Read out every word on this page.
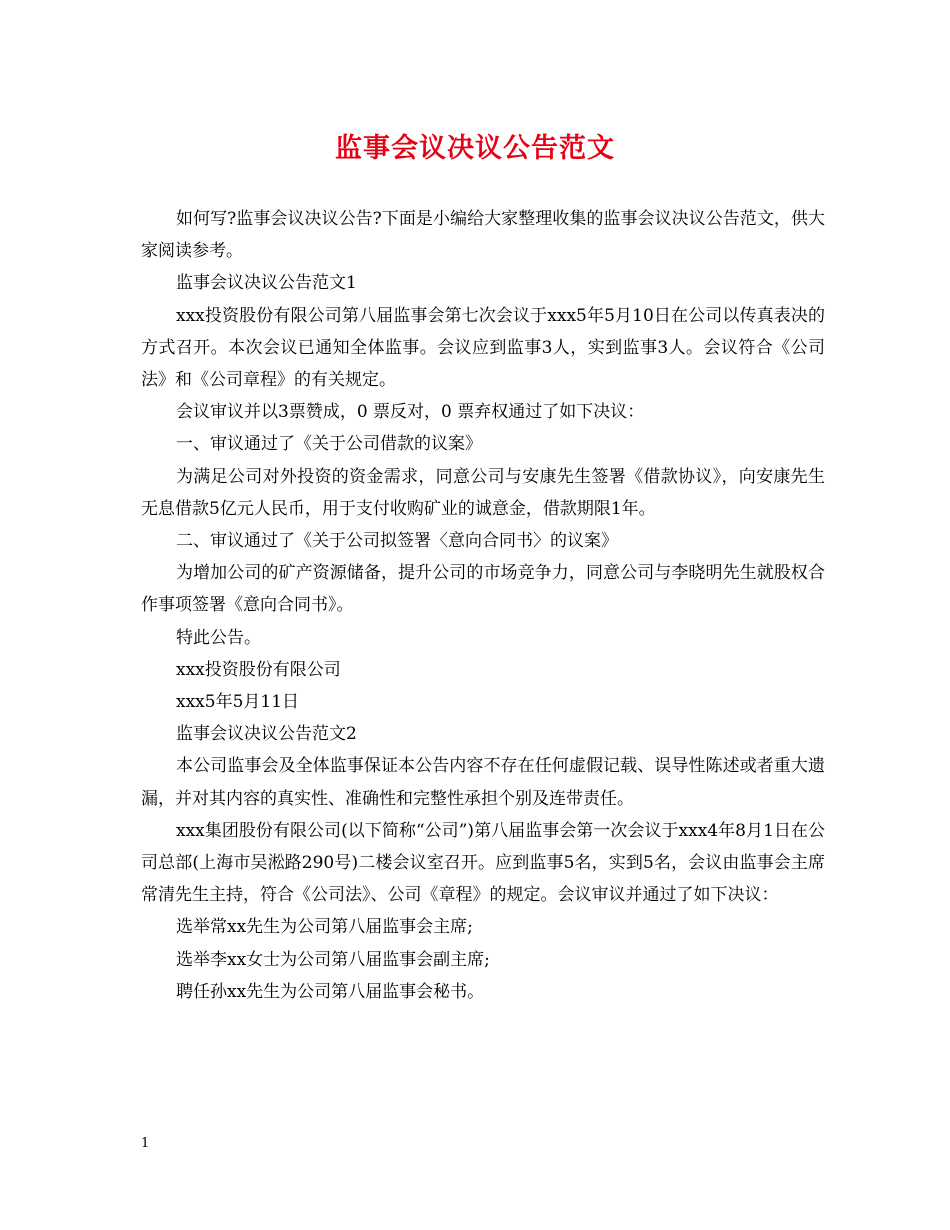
监事会议决议公告范文

如何写?监事会议决议公告?下面是小编给大家整理收集的监事会议决议公告范文，供大家阅读参考。

监事会议决议公告范文1

xxx投资股份有限公司第八届监事会第七次会议于xxx5年5月10日在公司以传真表决的方式召开。本次会议已通知全体监事。会议应到监事3人，实到监事3人。会议符合《公司法》和《公司章程》的有关规定。

会议审议并以3票赞成，0 票反对，0 票弃权通过了如下决议：

一、审议通过了《关于公司借款的议案》

为满足公司对外投资的资金需求，同意公司与安康先生签署《借款协议》，向安康先生无息借款5亿元人民币，用于支付收购矿业的诚意金，借款期限1年。

二、审议通过了《关于公司拟签署〈意向合同书〉的议案》

为增加公司的矿产资源储备，提升公司的市场竞争力，同意公司与李晓明先生就股权合作事项签署《意向合同书》。

特此公告。

xxx投资股份有限公司

xxx5年5月11日

监事会议决议公告范文2

本公司监事会及全体监事保证本公告内容不存在任何虚假记载、误导性陈述或者重大遗漏，并对其内容的真实性、准确性和完整性承担个别及连带责任。

xxx集团股份有限公司(以下简称“公司”)第八届监事会第一次会议于xxx4年8月1日在公司总部(上海市吴淞路290号)二楼会议室召开。应到监事5名，实到5名，会议由监事会主席常清先生主持，符合《公司法》、公司《章程》的规定。会议审议并通过了如下决议：

选举常xx先生为公司第八届监事会主席;

选举李xx女士为公司第八届监事会副主席;

聘任孙xx先生为公司第八届监事会秘书。

1
